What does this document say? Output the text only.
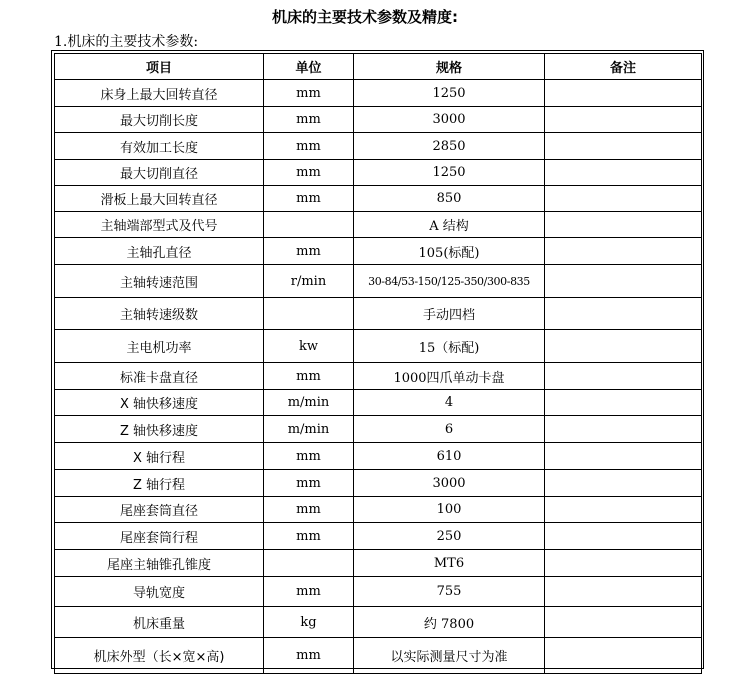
机床的主要技术参数及精度:
1.机床的主要技术参数:
项目	单位	规格	备注
床身上最大回转直径	mm	1250	
最大切削长度	mm	3000	
有效加工长度	mm	2850	
最大切削直径	mm	1250	
滑板上最大回转直径	mm	850	
主轴端部型式及代号		A 结构	
主轴孔直径	mm	105(标配)	
主轴转速范围	r/min	30-84/53-150/125-350/300-835	
主轴转速级数		手动四档	
主电机功率	kw	15（标配)	
标准卡盘直径	mm	1000四爪单动卡盘	
X 轴快移速度	m/min	4	
Z 轴快移速度	m/min	6	
X 轴行程	mm	610	
Z 轴行程	mm	3000	
尾座套筒直径	mm	100	
尾座套筒行程	mm	250	
尾座主轴锥孔锥度		MT6	
导轨宽度	mm	755	
机床重量	kg	约 7800	
机床外型（长×宽×高)	mm	以实际测量尺寸为准	
